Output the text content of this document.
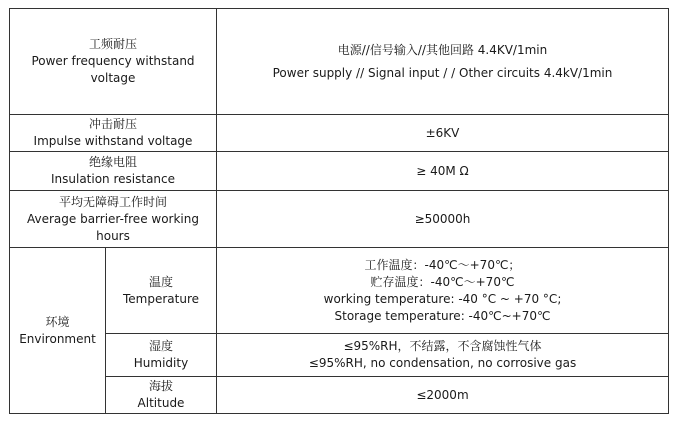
工频耐压
Power frequency withstand
voltage		电源//信号输入//其他回路 4.4KV/1min
Power supply // Signal input / / Other circuits 4.4kV/1min

冲击耐压
Impulse withstand voltage		±6KV

绝缘电阻
Insulation resistance		≥ 40M Ω

平均无障碍工作时间
Average barrier-free working
hours		≥50000h

环境
Environment	温度
Temperature	工作温度：-40℃～+70℃；
贮存温度：-40℃～+70℃
working temperature: -40 °C ~ +70 °C;
Storage temperature: -40℃~+70℃

	湿度
Humidity	≤95%RH，不结露，不含腐蚀性气体
≤95%RH, no condensation, no corrosive gas

	海拔
Altitude	≤2000m
